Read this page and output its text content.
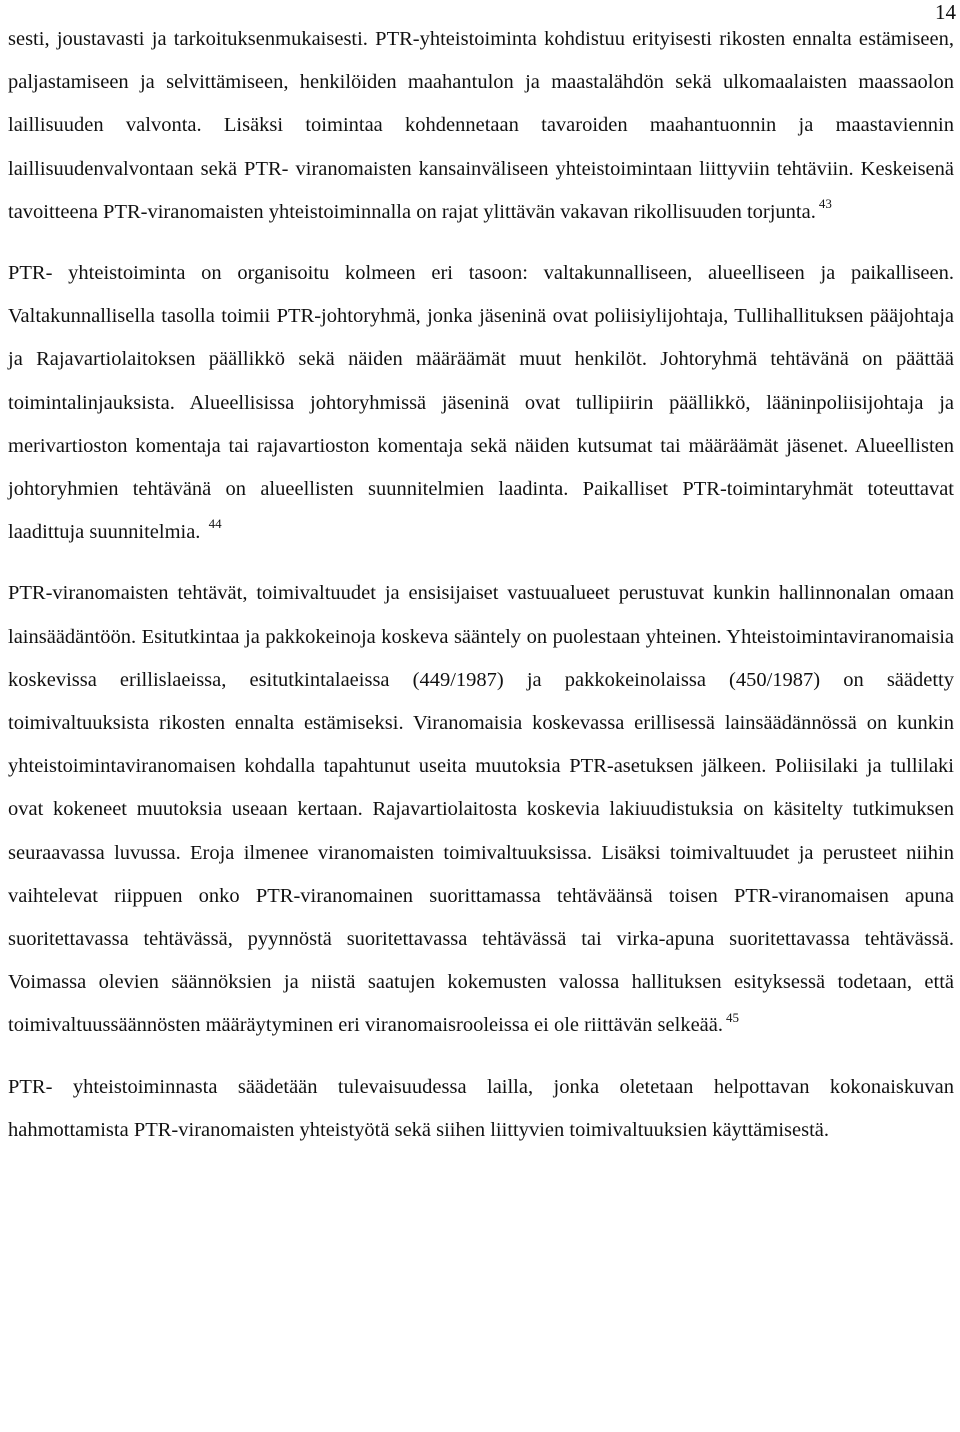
14

sesti, joustavasti ja tarkoituksenmukaisesti. PTR-yhteistoiminta kohdistuu erityisesti rikosten ennalta estämiseen, paljastamiseen ja selvittämiseen, henkilöiden maahantulon ja maastalähdön sekä ulkomaalaisten maassaolon laillisuuden valvonta. Lisäksi toimintaa kohdennetaan tavaroiden maahantuonnin ja maastaviennin laillisuudenvalvontaan sekä PTR- viranomaisten kansainväliseen yhteistoimintaan liittyviin tehtäviin. Keskeisenä tavoitteena PTR-viranomaisten yhteistoiminnalla on rajat ylittävän vakavan rikollisuuden torjunta. $^{43}$

PTR- yhteistoiminta on organisoitu kolmeen eri tasoon: valtakunnalliseen, alueelliseen ja paikalliseen. Valtakunnallisella tasolla toimii PTR-johtoryhmä, jonka jäseninä ovat poliisiylijohtaja, Tullihallituksen pääjohtaja ja Rajavartiolaitoksen päällikkö sekä näiden määräämät muut henkilöt. Johtoryhmä tehtävänä on päättää toimintalinjauksista. Alueellisissa johtoryhmissä jäseninä ovat tullipiirin päällikkö, lääninpoliisijohtaja ja merivartioston komentaja tai rajavartioston komentaja sekä näiden kutsumat tai määräämät jäsenet. Alueellisten johtoryhmien tehtävänä on alueellisten suunnitelmien laadinta. Paikalliset PTR-toimintaryhmät toteuttavat laadittuja suunnitelmia. $^{44}$

PTR-viranomaisten tehtävät, toimivaltuudet ja ensisijaiset vastuualueet perustuvat kunkin hallinnonalan omaan lainsäädäntöön. Esitutkintaa ja pakkokeinoja koskeva sääntely on puolestaan yhteinen. Yhteistoimintaviranomaisia koskevissa erillislaeissa, esitutkintalaeissa (449/1987) ja pakkokeinolaissa (450/1987) on säädetty toimivaltuuksista rikosten ennalta estämiseksi. Viranomaisia koskevassa erillisessä lainsäädännössä on kunkin yhteistoimintaviranomaisen kohdalla tapahtunut useita muutoksia PTR-asetuksen jälkeen. Poliisilaki ja tullilaki ovat kokeneet muutoksia useaan kertaan. Rajavartiolaitosta koskevia lakiuudistuksia on käsitelty tutkimuksen seuraavassa luvussa. Eroja ilmenee viranomaisten toimivaltuuksissa. Lisäksi toimivaltuudet ja perusteet niihin vaihtelevat riippuen onko PTR-viranomainen suorittamassa tehtäväänsä toisen PTR-viranomaisen apuna suoritettavassa tehtävässä, pyynnöstä suoritettavassa tehtävässä tai virka-apuna suoritettavassa tehtävässä. Voimassa olevien säännöksien ja niistä saatujen kokemusten valossa hallituksen esityksessä todetaan, että toimivaltuussäännösten määräytyminen eri viranomaisrooleissa ei ole riittävän selkeää. $^{45}$

PTR- yhteistoiminnasta säädetään tulevaisuudessa lailla, jonka oletetaan helpottavan kokonaiskuvan hahmottamista PTR-viranomaisten yhteistyötä sekä siihen liittyvien toimivaltuuksien käyttämisestä.
